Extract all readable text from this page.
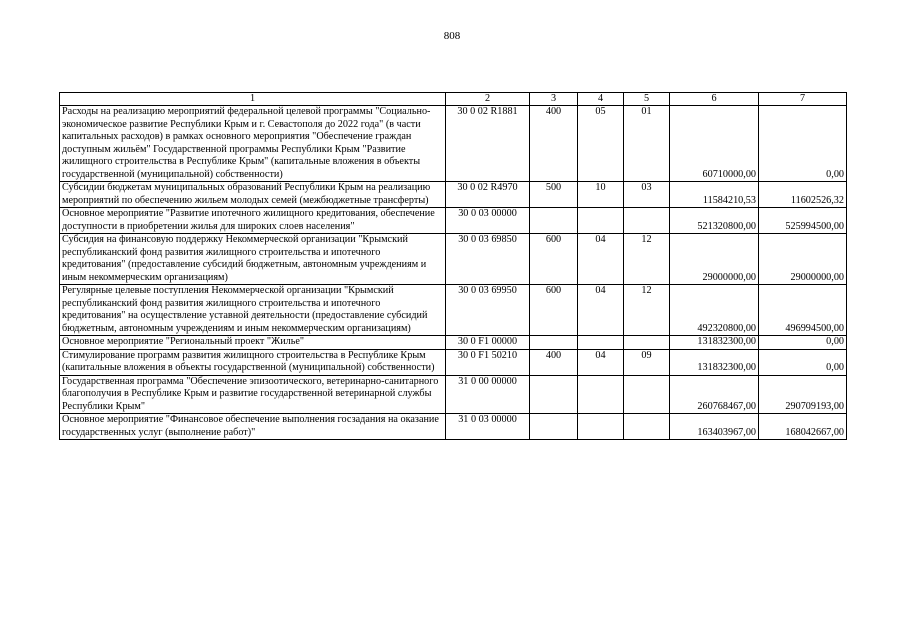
808
1	2	3	4	5	6	7
Расходы на реализацию мероприятий федеральной целевой программы "Социально-экономическое развитие Республики Крым и г. Севастополя до 2022 года" (в части капитальных расходов) в рамках основного мероприятия "Обеспечение граждан доступным жильём" Государственной программы Республики Крым "Развитие жилищного строительства в Республике Крым" (капитальные вложения в объекты государственной (муниципальной) собственности)	30 0 02 R1881	400	05	01	60710000,00	0,00
Субсидии бюджетам муниципальных образований Республики Крым на реализацию мероприятий по обеспечению жильем молодых семей (межбюджетные трансферты)	30 0 02 R4970	500	10	03	11584210,53	11602526,32
Основное мероприятие "Развитие ипотечного жилищного кредитования, обеспечение доступности в приобретении жилья для широких слоев населения"	30 0 03 00000				521320800,00	525994500,00
Субсидия на финансовую поддержку Некоммерческой организации "Крымский республиканский фонд развития жилищного строительства и ипотечного кредитования" (предоставление субсидий бюджетным, автономным учреждениям и иным некоммерческим организациям)	30 0 03 69850	600	04	12	29000000,00	29000000,00
Регулярные целевые поступления Некоммерческой организации "Крымский республиканский фонд развития жилищного строительства и ипотечного кредитования" на осуществление уставной деятельности (предоставление субсидий бюджетным, автономным учреждениям и иным некоммерческим организациям)	30 0 03 69950	600	04	12	492320800,00	496994500,00
Основное мероприятие "Региональный проект "Жилье"	30 0 F1 00000				131832300,00	0,00
Стимулирование программ развития жилищного строительства в Республике Крым (капитальные вложения в объекты государственной (муниципальной) собственности)	30 0 F1 50210	400	04	09	131832300,00	0,00
Государственная программа "Обеспечение эпизоотического, ветеринарно-санитарного благополучия в Республике Крым и развитие государственной ветеринарной службы Республики Крым"	31 0 00 00000				260768467,00	290709193,00
Основное мероприятие "Финансовое обеспечение выполнения госзадания на оказание государственных услуг (выполнение работ)"	31 0 03 00000				163403967,00	168042667,00
